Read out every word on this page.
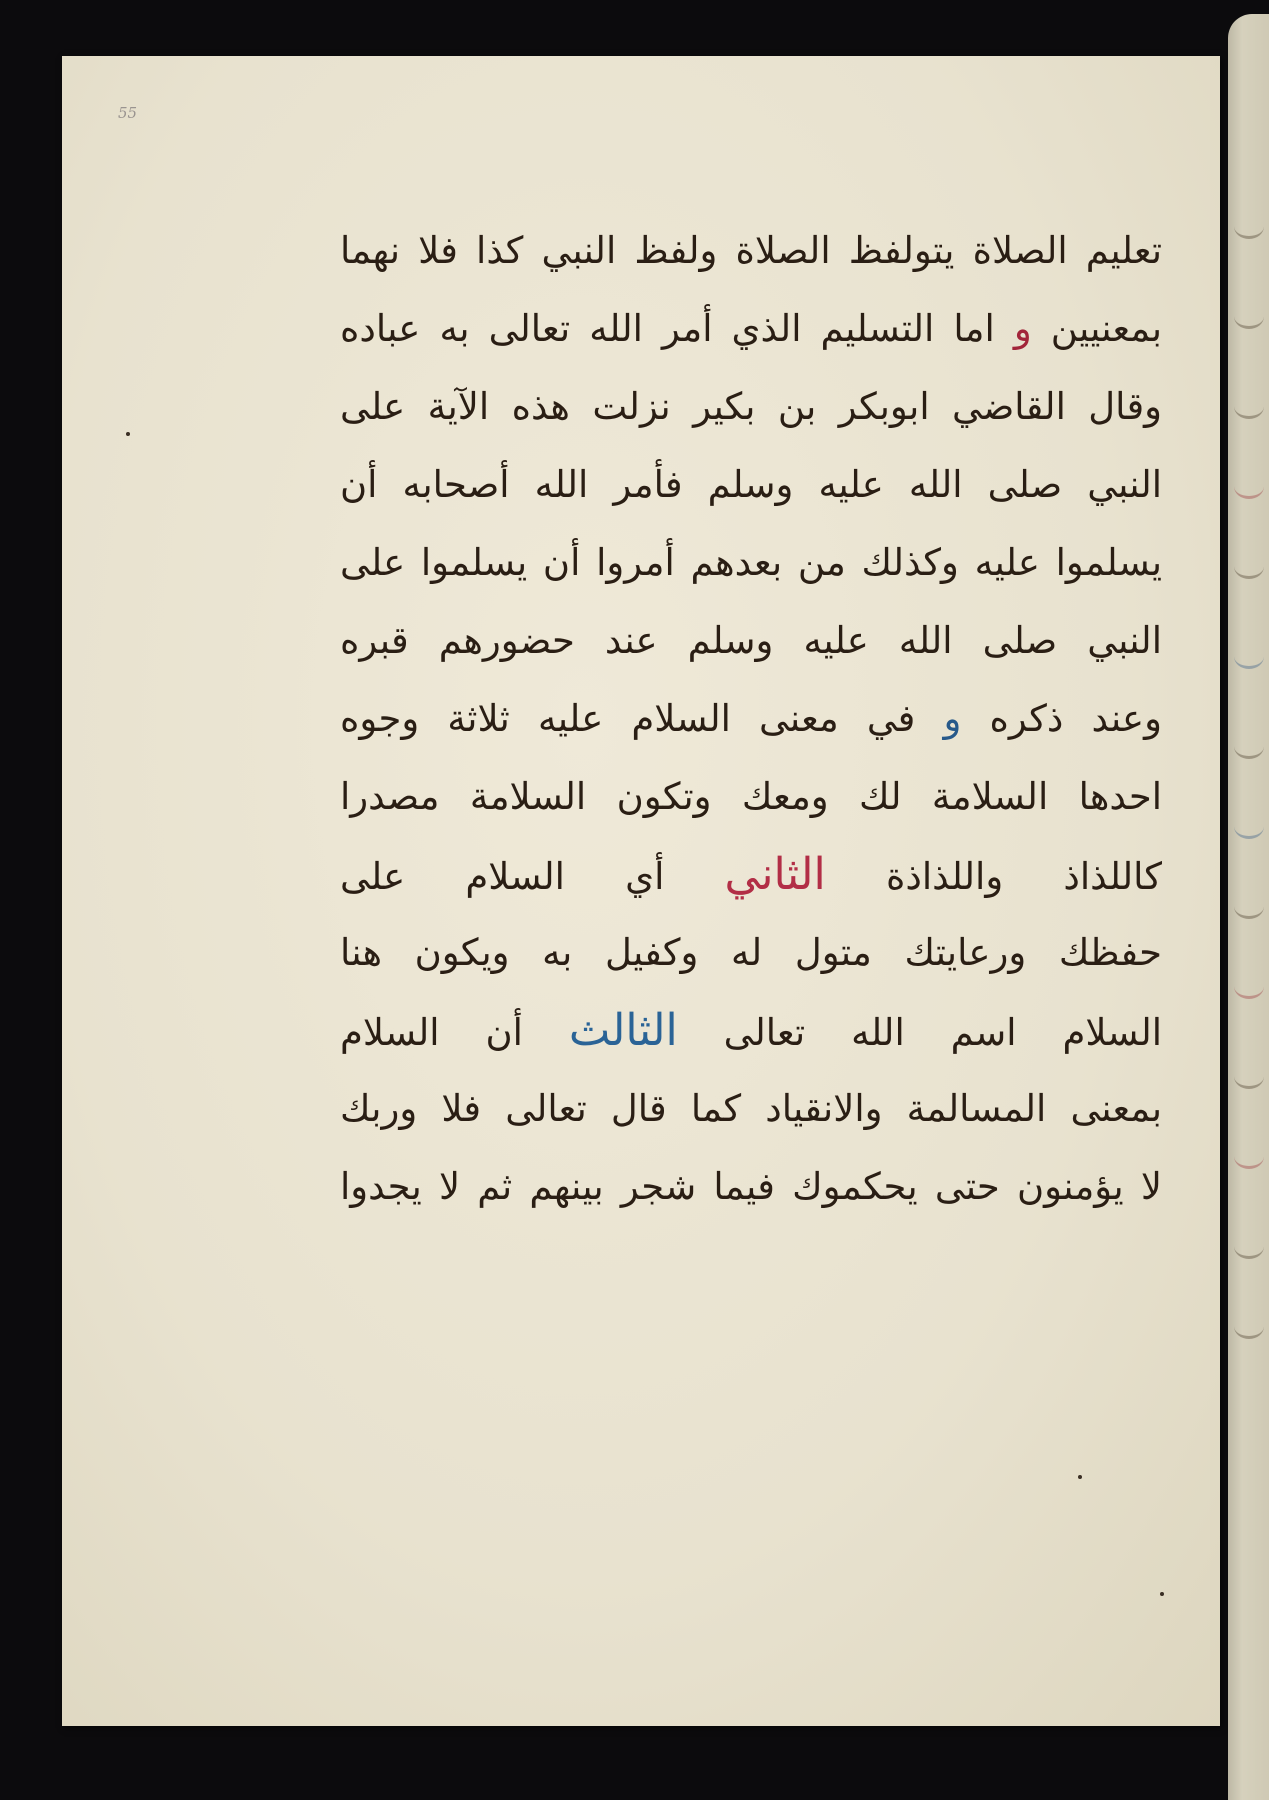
55
تعليم الصلاة يتولفظ الصلاة ولفظ النبي كذا فلا نهما
بمعنيين و اما التسليم الذي أمر الله تعالى به عباده
وقال القاضي ابوبكر بن بكير نزلت هذه الآية على
النبي صلى الله عليه وسلم فأمر الله أصحابه أن
يسلموا عليه وكذلك من بعدهم أمروا أن يسلموا على
النبي صلى الله عليه وسلم عند حضورهم قبره
وعند ذكره و في معنى السلام عليه ثلاثة وجوه
احدها السلامة لك ومعك وتكون السلامة مصدرا
كاللذاذ واللذاذة الثاني أي السلام على
حفظك ورعايتك متول له وكفيل به ويكون هنا
السلام اسم الله تعالى الثالث أن السلام
بمعنى المسالمة والانقياد كما قال تعالى فلا وربك
لا يؤمنون حتى يحكموك فيما شجر بينهم ثم لا يجدوا
